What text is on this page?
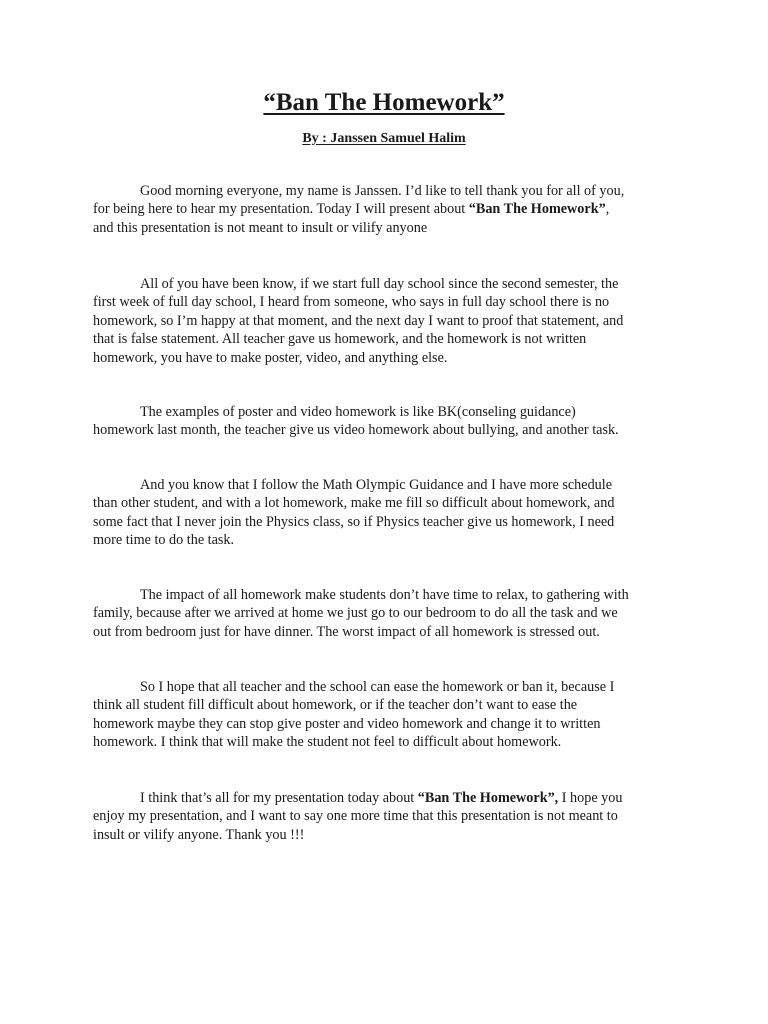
“Ban The Homework”
By : Janssen Samuel Halim
Good morning everyone, my name is Janssen. I’d like to tell thank you for all of you,
for being here to hear my presentation. Today I will present about “Ban The Homework”,
and this presentation is not meant to insult or vilify anyone
All of you have been know, if we start full day school since the second semester, the
first week of full day school, I heard from someone, who says in full day school there is no
homework, so I’m happy at that moment, and the next day I want to proof that statement, and
that is false statement. All teacher gave us homework, and the homework is not written
homework, you have to make poster, video, and anything else.
The examples of poster and video homework is like BK(conseling guidance)
homework last month, the teacher give us video homework about bullying, and another task.
And you know that I follow the Math Olympic Guidance and I have more schedule
than other student, and with a lot homework, make me fill so difficult about homework, and
some fact that I never join the Physics class, so if Physics teacher give us homework, I need
more time to do the task.
The impact of all homework make students don’t have time to relax, to gathering with
family, because after we arrived at home we just go to our bedroom to do all the task and we
out from bedroom just for have dinner. The worst impact of all homework is stressed out.
So I hope that all teacher and the school can ease the homework or ban it, because I
think all student fill difficult about homework, or if the teacher don’t want to ease the
homework maybe they can stop give poster and video homework and change it to written
homework. I think that will make the student not feel to difficult about homework.
I think that’s all for my presentation today about “Ban The Homework”, I hope you
enjoy my presentation, and I want to say one more time that this presentation is not meant to
insult or vilify anyone. Thank you !!!
